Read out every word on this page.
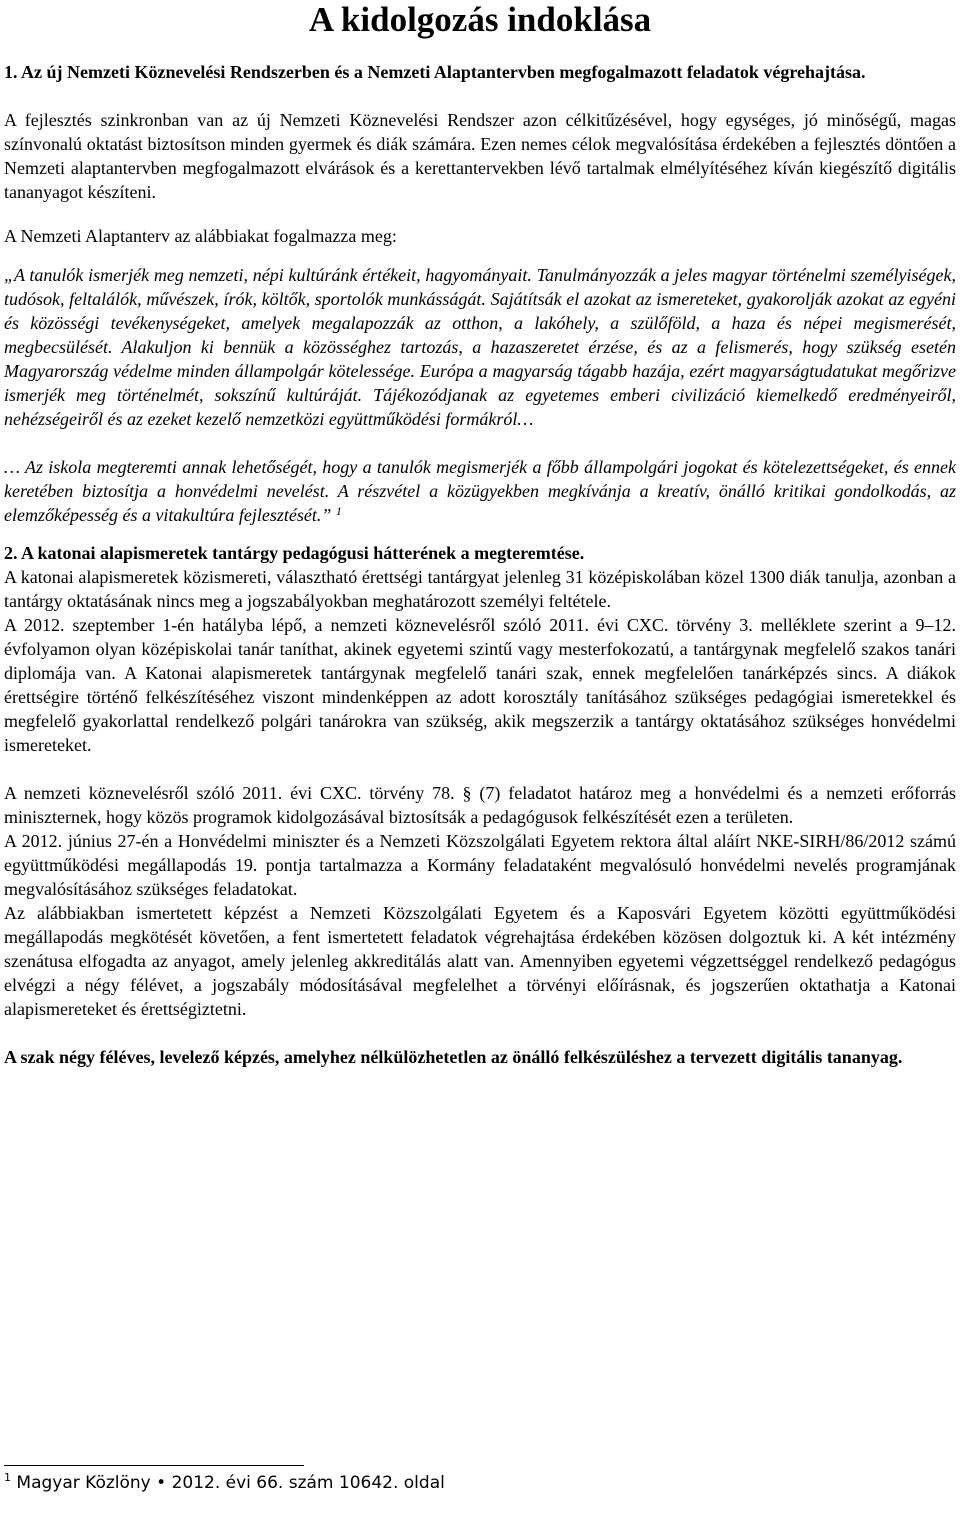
A kidolgozás indoklása

1. Az új Nemzeti Köznevelési Rendszerben és a Nemzeti Alaptantervben megfogalmazott feladatok végrehajtása.

A fejlesztés szinkronban van az új Nemzeti Köznevelési Rendszer azon célkitűzésével, hogy egységes, jó minőségű, magas színvonalú oktatást biztosítson minden gyermek és diák számára. Ezen nemes célok megvalósítása érdekében a fejlesztés döntően a Nemzeti alaptantervben megfogalmazott elvárások és a kerettantervekben lévő tartalmak elmélyítéséhez kíván kiegészítő digitális tananyagot készíteni.

A Nemzeti Alaptanterv az alábbiakat fogalmazza meg:

„A tanulók ismerjék meg nemzeti, népi kultúránk értékeit, hagyományait. Tanulmányozzák a jeles magyar történelmi személyiségek, tudósok, feltalálók, művészek, írók, költők, sportolók munkásságát. Sajátítsák el azokat az ismereteket, gyakorolják azokat az egyéni és közösségi tevékenységeket, amelyek megalapozzák az otthon, a lakóhely, a szülőföld, a haza és népei megismerését, megbecsülését. Alakuljon ki bennük a közösséghez tartozás, a hazaszeretet érzése, és az a felismerés, hogy szükség esetén Magyarország védelme minden állampolgár kötelessége. Európa a magyarság tágabb hazája, ezért magyarságtudatukat megőrizve ismerjék meg történelmét, sokszínű kultúráját. Tájékozódjanak az egyetemes emberi civilizáció kiemelkedő eredményeiről, nehézségeiről és az ezeket kezelő nemzetközi együttműködési formákról…

… Az iskola megteremti annak lehetőségét, hogy a tanulók megismerjék a főbb állampolgári jogokat és kötelezettségeket, és ennek keretében biztosítja a honvédelmi nevelést. A részvétel a közügyekben megkívánja a kreatív, önálló kritikai gondolkodás, az elemzőképesség és a vitakultúra fejlesztését.” $^1$

2. A katonai alapismeretek tantárgy pedagógusi hátterének a megteremtése.

A katonai alapismeretek közismereti, választható érettségi tantárgyat jelenleg 31 középiskolában közel 1300 diák tanulja, azonban a tantárgy oktatásának nincs meg a jogszabályokban meghatározott személyi feltétele.

A 2012. szeptember 1-én hatályba lépő, a nemzeti köznevelésről szóló 2011. évi CXC. törvény 3. melléklete szerint a 9–12. évfolyamon olyan középiskolai tanár taníthat, akinek egyetemi szintű vagy mesterfokozatú, a tantárgynak megfelelő szakos tanári diplomája van. A Katonai alapismeretek tantárgynak megfelelő tanári szak, ennek megfelelően tanárképzés sincs. A diákok érettségire történő felkészítéséhez viszont mindenképpen az adott korosztály tanításához szükséges pedagógiai ismeretekkel és megfelelő gyakorlattal rendelkező polgári tanárokra van szükség, akik megszerzik a tantárgy oktatásához szükséges honvédelmi ismereteket.

A nemzeti köznevelésről szóló 2011. évi CXC. törvény 78. § (7) feladatot határoz meg a honvédelmi és a nemzeti erőforrás miniszternek, hogy közös programok kidolgozásával biztosítsák a pedagógusok felkészítését ezen a területen.

A 2012. június 27-én a Honvédelmi miniszter és a Nemzeti Közszolgálati Egyetem rektora által aláírt NKE-SIRH/86/2012 számú együttműködési megállapodás 19. pontja tartalmazza a Kormány feladataként megvalósuló honvédelmi nevelés programjának megvalósításához szükséges feladatokat.

Az alábbiakban ismertetett képzést a Nemzeti Közszolgálati Egyetem és a Kaposvári Egyetem közötti együttműködési megállapodás megkötését követően, a fent ismertetett feladatok végrehajtása érdekében közösen dolgoztuk ki. A két intézmény szenátusa elfogadta az anyagot, amely jelenleg akkreditálás alatt van. Amennyiben egyetemi végzettséggel rendelkező pedagógus elvégzi a négy félévet, a jogszabály módosításával megfelelhet a törvényi előírásnak, és jogszerűen oktathatja a Katonai alapismereteket és érettségiztetni.

A szak négy féléves, levelező képzés, amelyhez nélkülözhetetlen az önálló felkészüléshez a tervezett digitális tananyag.

$^1$ Magyar Közlöny • 2012. évi 66. szám 10642. oldal
